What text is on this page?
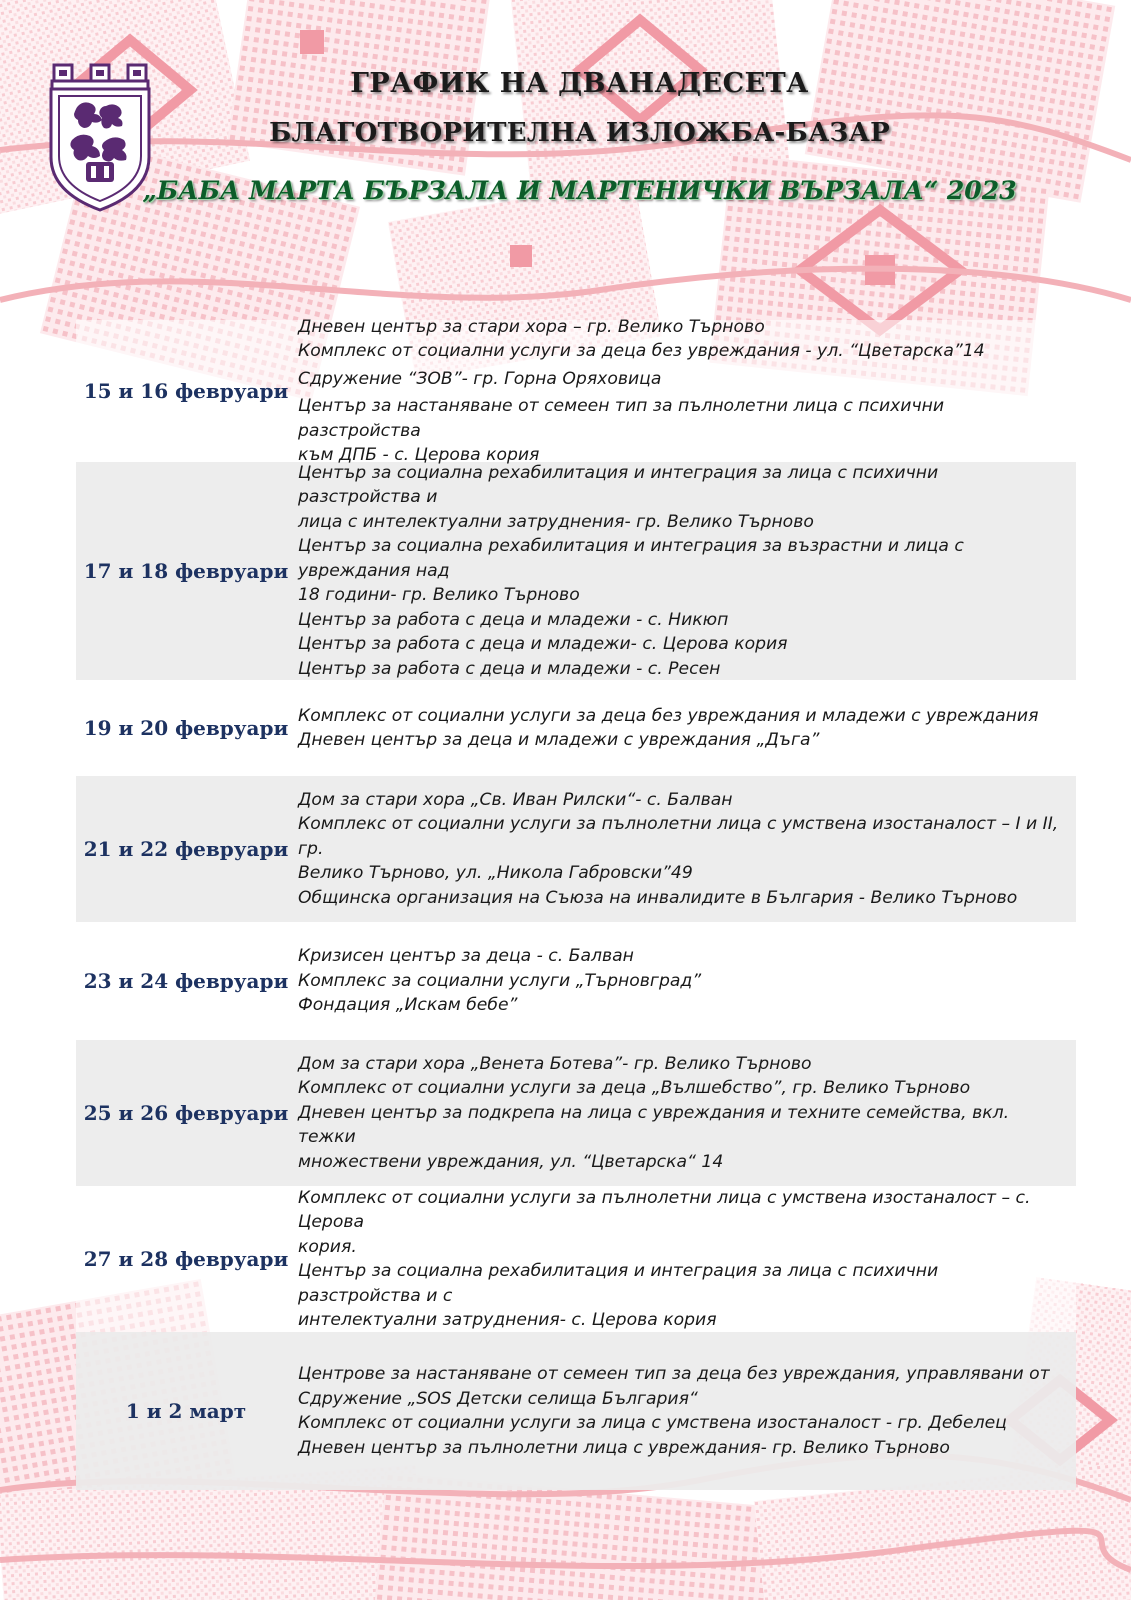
ГРАФИК НА ДВАНАДЕСЕТА
БЛАГОТВОРИТЕЛНА ИЗЛОЖБА-БАЗАР
„БАБА МАРТА БЪРЗАЛА И МАРТЕНИЧКИ ВЪРЗАЛА“ 2023
15 и 16 февруари
Дневен център за стари хора – гр. Велико Търново
Комплекс от социални услуги за деца без увреждания - ул. “Цветарска”14
Сдружение “ЗОВ”- гр. Горна Оряховица
Център за настаняване от семеен тип за пълнолетни лица с психични разстройства
към ДПБ - с. Церова кория
17 и 18 февруари
Център за социална рехабилитация и интеграция за лица с психични разстройства и
лица с интелектуални затруднения- гр. Велико Търново
Център за социална рехабилитация и интеграция за възрастни и лица с увреждания над
18 години- гр. Велико Търново
Център за работа с деца и младежи - с. Никюп
Център за работа с деца и младежи- с. Церова кория
Център за работа с деца и младежи - с. Ресен
19 и 20 февруари
Комплекс от социални услуги за деца без увреждания и младежи с увреждания
Дневен център за деца и младежи с увреждания „Дъга”
21 и 22 февруари
Дом за стари хора „Св. Иван Рилски“- с. Балван
Комплекс от социални услуги за пълнолетни лица с умствена изостаналост – I и II, гр.
Велико Търново, ул. „Никола Габровски”49
Общинска организация на Съюза на инвалидите в България - Велико Търново
23 и 24 февруари
Кризисен център за деца - с. Балван
Комплекс за социални услуги „Търновград”
Фондация „Искам бебе”
25 и 26 февруари
Дом за стари хора „Венета Ботева”- гр. Велико Търново
Комплекс от социални услуги за деца „Вълшебство”, гр. Велико Търново
Дневен център за подкрепа на лица с увреждания и техните семейства, вкл. тежки
множествени увреждания, ул. “Цветарска“ 14
27 и 28 февруари
Комплекс от социални услуги за пълнолетни лица с умствена изостаналост – с. Церова
кория.
Център за социална рехабилитация и интеграция за лица с психични разстройства и с
интелектуални затруднения- с. Церова кория
1 и 2 март
Центрове за настаняване от семеен тип за деца без увреждания, управлявани от
Сдружение „SOS Детски селища България“
Комплекс от социални услуги за лица с умствена изостаналост - гр. Дебелец
Дневен център за пълнолетни лица с увреждания- гр. Велико Търново
